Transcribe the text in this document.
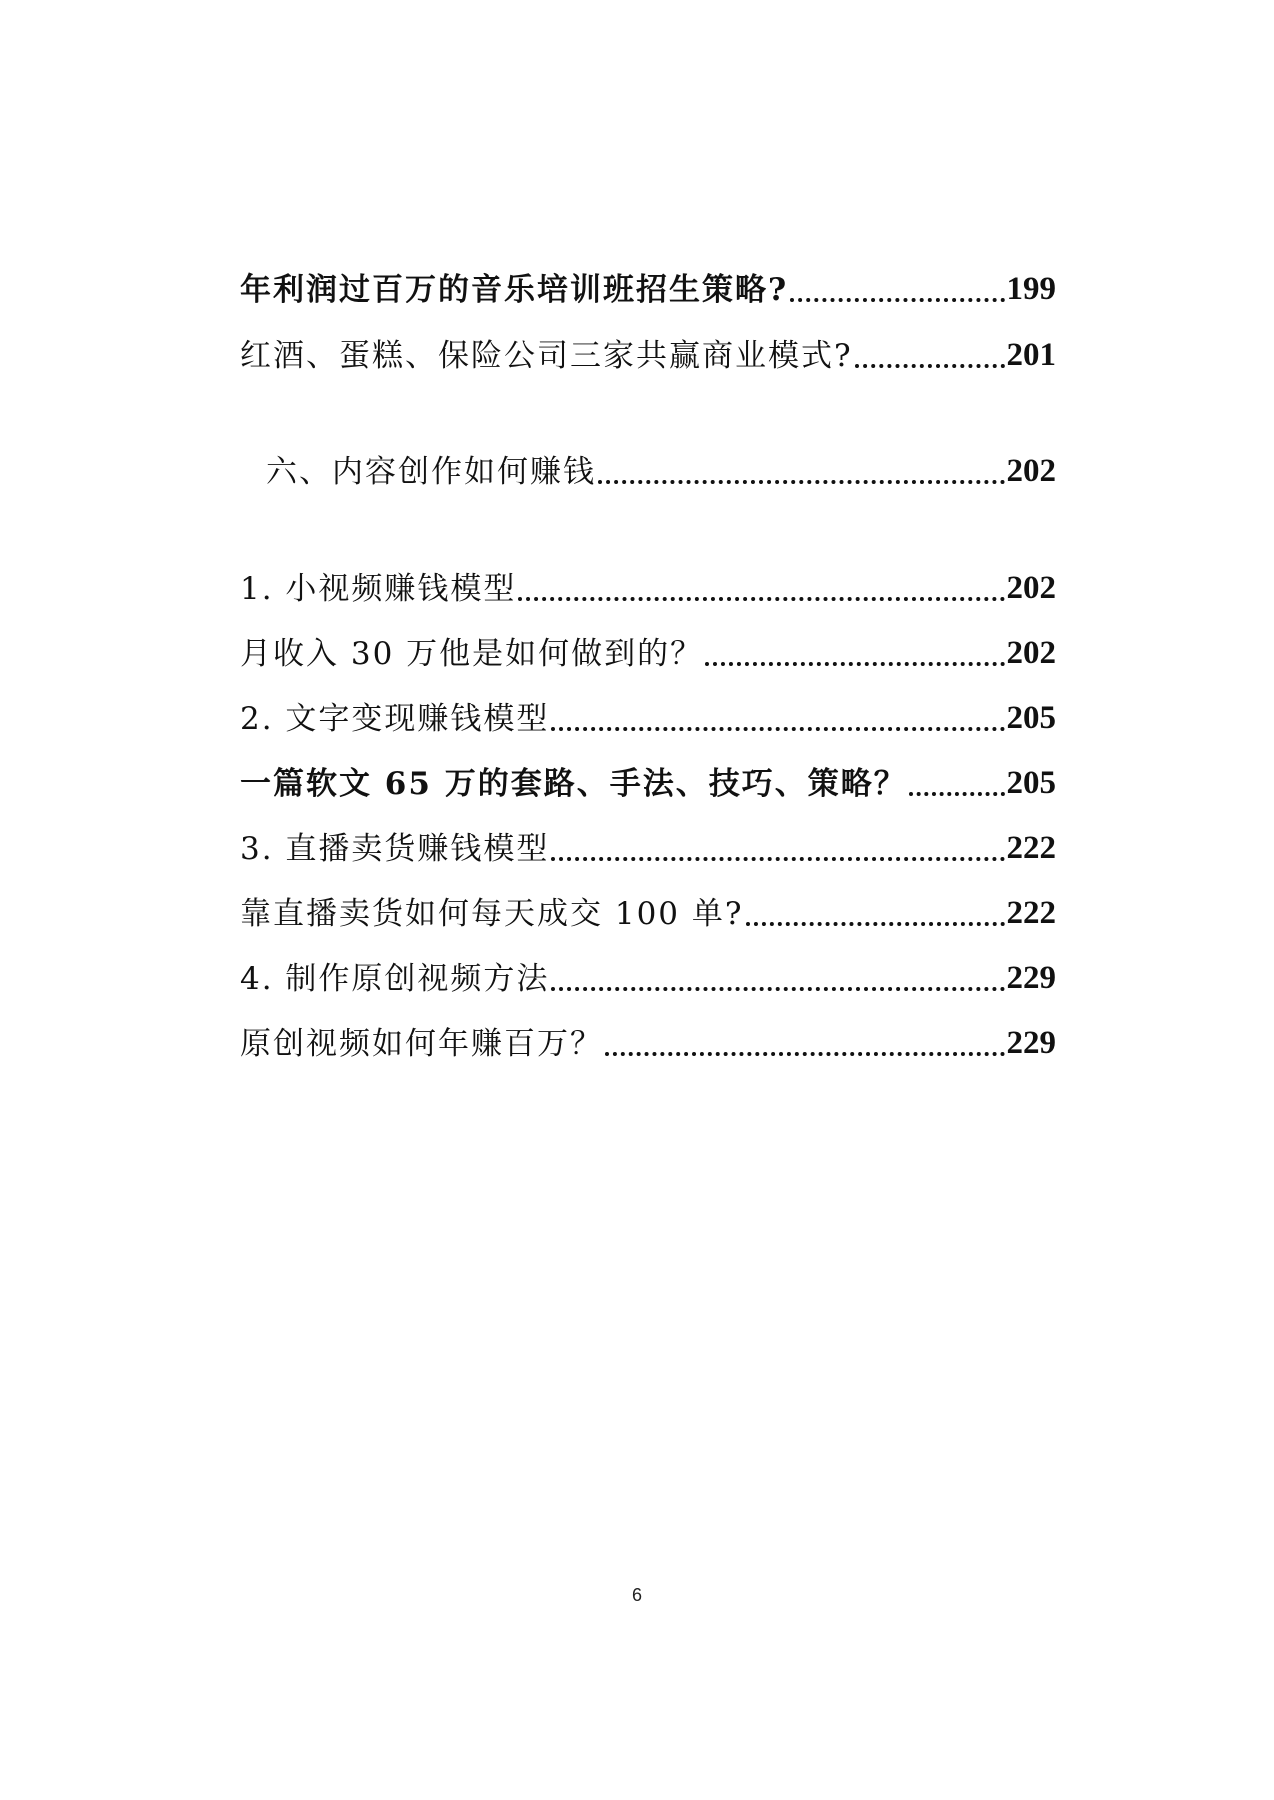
年利润过百万的音乐培训班招生策略?	199
红酒、蛋糕、保险公司三家共赢商业模式?	201
六、内容创作如何赚钱	202
1. 小视频赚钱模型	202
月收入 30 万他是如何做到的？	202
2. 文字变现赚钱模型	205
一篇软文 65 万的套路、手法、技巧、策略？	205
3. 直播卖货赚钱模型	222
靠直播卖货如何每天成交 100 单?	222
4. 制作原创视频方法	229
原创视频如何年赚百万？	229
6
